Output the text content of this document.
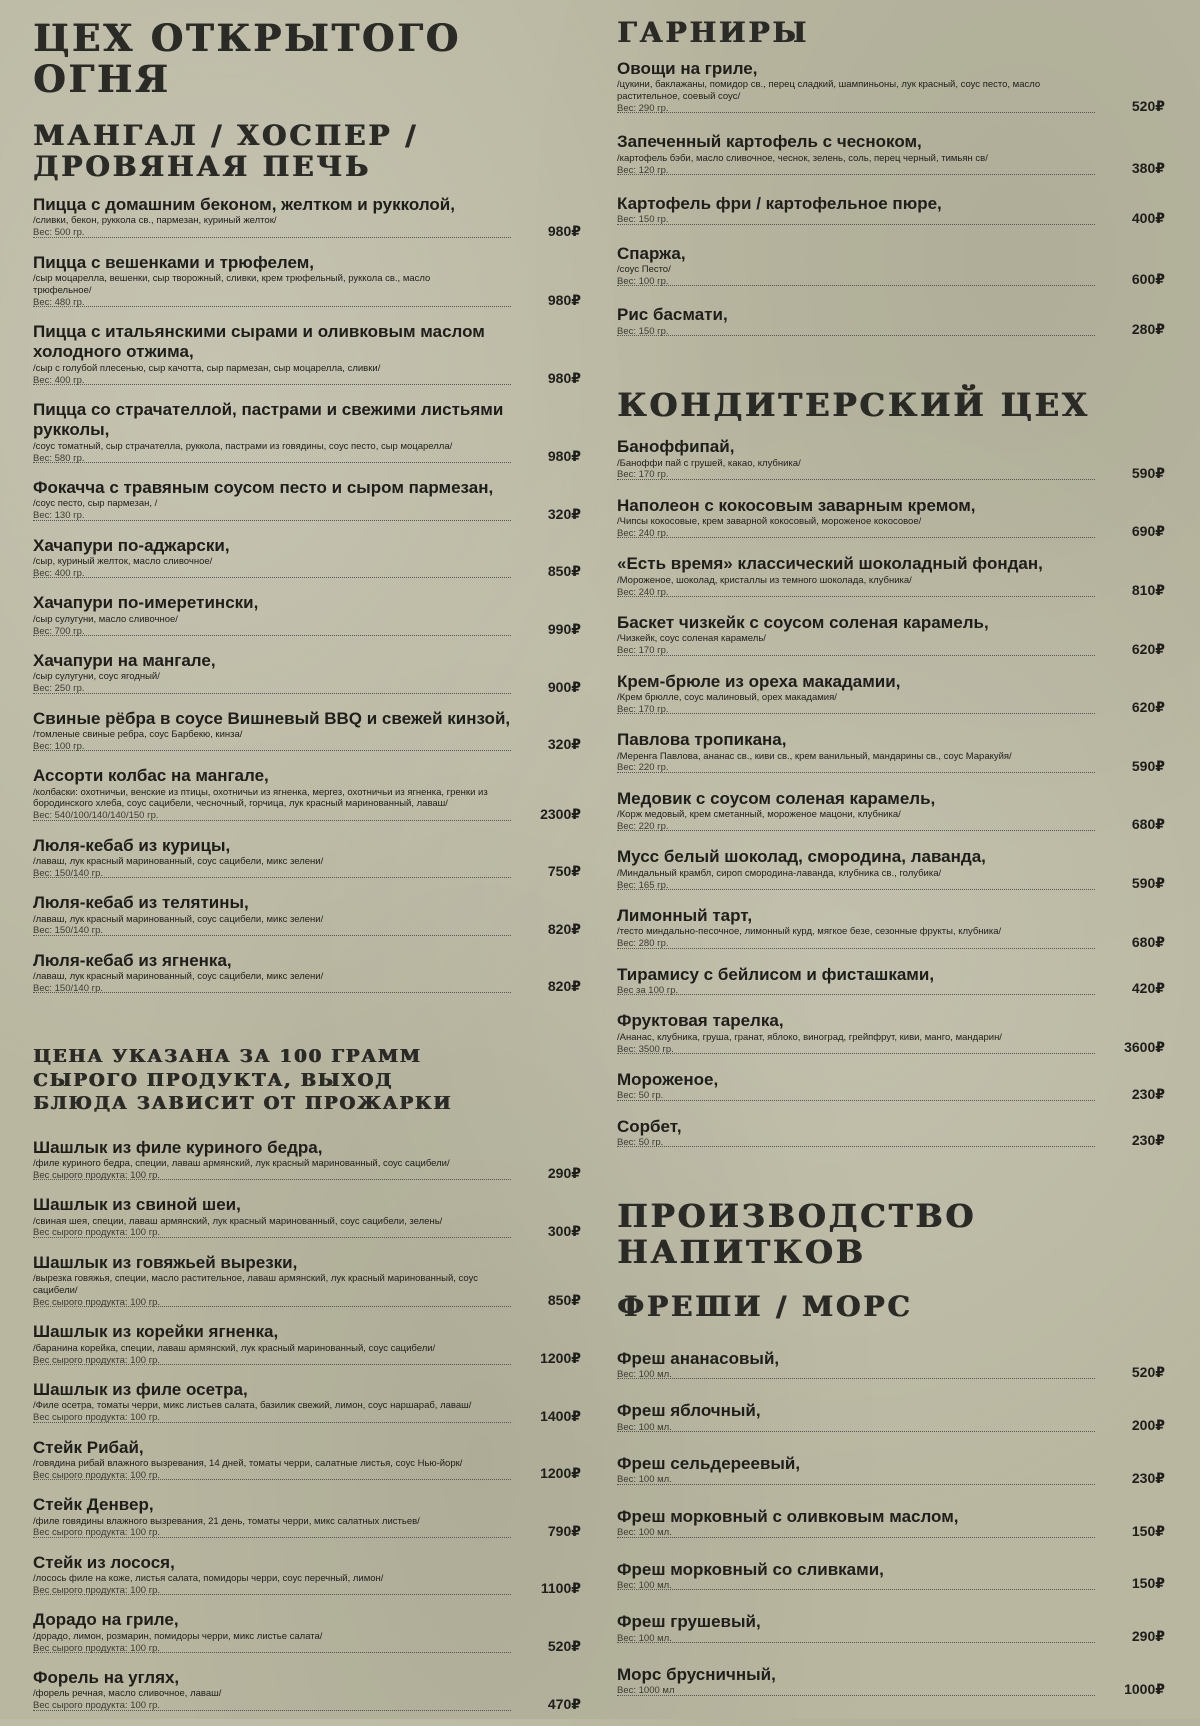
ЦЕХ ОТКРЫТОГО ОГНЯ
МАНГАЛ / ХОСПЕР /
ДРОВЯНАЯ ПЕЧЬ
Пицца с домашним беконом, желтком и рукколой,
/сливки, бекон, руккола св., пармезан, куриный желток/
Вес: 500 гр.	980₽
Пицца с вешенками и трюфелем,
/сыр моцарелла, вешенки, сыр творожный, сливки, крем трюфельный, руккола св., масло трюфельное/
Вес: 480 гр.	980₽
Пицца с итальянскими сырами и оливковым маслом холодного отжима,
/сыр с голубой плесенью, сыр качотта, сыр пармезан, сыр моцарелла, сливки/
Вес: 400 гр.	980₽
Пицца со страчателлой, пастрами и свежими листьями рукколы,
/соус томатный, сыр страчателла, руккола, пастрами из говядины, соус песто, сыр моцарелла/
Вес: 580 гр.	980₽
Фокачча с травяным соусом песто и сыром пармезан,
/соус песто, сыр пармезан, /
Вес: 130 гр.	320₽
Хачапури по-аджарски,
/сыр, куриный желток, масло сливочное/
Вес: 400 гр.	850₽
Хачапури по-имеретински,
/сыр сулугуни, масло сливочное/
Вес: 700 гр.	990₽
Хачапури на мангале,
/сыр сулугуни, соус ягодный/
Вес: 250 гр.	900₽
Свиные рёбра в соусе Вишневый BBQ и свежей кинзой,
/томленые свиные ребра, соус Барбекю, кинза/
Вес: 100 гр.	320₽
Ассорти колбас на мангале,
/колбаски: охотничьи, венские из птицы, охотничьи из ягненка, мергез, охотничьи из ягненка, гренки из бородинского хлеба, соус сацибели, чесночный, горчица, лук красный маринованный, лаваш/
Вес: 540/100/140/140/150 гр.	2300₽
Люля-кебаб из курицы,
/лаваш, лук красный маринованный, соус сацибели, микс зелени/
Вес: 150/140 гр.	750₽
Люля-кебаб из телятины,
/лаваш, лук красный маринованный, соус сацибели, микс зелени/
Вес: 150/140 гр.	820₽
Люля-кебаб из ягненка,
/лаваш, лук красный маринованный, соус сацибели, микс зелени/
Вес: 150/140 гр.	820₽
ЦЕНА УКАЗАНА ЗА 100 ГРАММ СЫРОГО ПРОДУКТА, ВЫХОД БЛЮДА ЗАВИСИТ ОТ ПРОЖАРКИ
Шашлык из филе куриного бедра,
/филе куриного бедра, специи, лаваш армянский, лук красный маринованный, соус сацибели/
Вес сырого продукта: 100 гр.	290₽
Шашлык из свиной шеи,
/свиная шея, специи, лаваш армянский, лук красный маринованный, соус сацибели, зелень/
Вес сырого продукта: 100 гр.	300₽
Шашлык из говяжьей вырезки,
/вырезка говяжья, специи, масло растительное, лаваш армянский, лук красный маринованный, соус сацибели/
Вес сырого продукта: 100 гр.	850₽
Шашлык из корейки ягненка,
/баранина корейка, специи, лаваш армянский, лук красный маринованный, соус сацибели/
Вес сырого продукта: 100 гр.	1200₽
Шашлык из филе осетра,
/Филе осетра, томаты черри, микс листьев салата, базилик свежий, лимон, соус наршараб, лаваш/
Вес сырого продукта: 100 гр.	1400₽
Стейк Рибай,
/говядина рибай влажного вызревания, 14 дней, томаты черри, салатные листья, соус Нью-йорк/
Вес сырого продукта: 100 гр.	1200₽
Стейк Денвер,
/филе говядины влажного вызревания, 21 день, томаты черри, микс салатных листьев/
Вес сырого продукта: 100 гр.	790₽
Стейк из лосося,
/лосось филе на коже, листья салата, помидоры черри, соус перечный, лимон/
Вес сырого продукта: 100 гр.	1100₽
Дорадо на гриле,
/дорадо, лимон, розмарин, помидоры черри, микс листье салата/
Вес сырого продукта: 100 гр.	520₽
Форель на углях,
/форель речная, масло сливочное, лаваш/
Вес сырого продукта: 100 гр.	470₽
ГАРНИРЫ
Овощи на гриле,
/цукини, баклажаны, помидор св., перец сладкий, шампиньоны, лук красный, соус песто, масло растительное, соевый соус/
Вес: 290 гр.	520₽
Запеченный картофель с чесноком,
/картофель бэби, масло сливочное, чеснок, зелень, соль, перец черный, тимьян св/
Вес: 120 гр.	380₽
Картофель фри / картофельное пюре,
Вес: 150 гр.	400₽
Спаржа,
/соус Песто/
Вес: 100 гр.	600₽
Рис басмати,
Вес: 150 гр.	280₽
КОНДИТЕРСКИЙ ЦЕХ
Баноффипай,
/Баноффи пай с грушей, какао, клубника/
Вес: 170 гр.	590₽
Наполеон с кокосовым заварным кремом,
/Чипсы кокосовые, крем заварной кокосовый, мороженое кокосовое/
Вес: 240 гр.	690₽
«Есть время» классический шоколадный фондан,
/Мороженое, шоколад, кристаллы из темного шоколада, клубника/
Вес: 240 гр.	810₽
Баскет чизкейк с соусом соленая карамель,
/Чизкейк, соус соленая карамель/
Вес: 170 гр.	620₽
Крем-брюле из ореха макадамии,
/Крем брюлле, соус малиновый, орех макадамия/
Вес: 170 гр.	620₽
Павлова тропикана,
/Меренга Павлова, ананас св., киви св., крем ванильный, мандарины св., соус Маракуйя/
Вес: 220 гр.	590₽
Медовик с соусом соленая карамель,
/Корж медовый, крем сметанный, мороженое мацони, клубника/
Вес: 220 гр.	680₽
Мусс белый шоколад, смородина, лаванда,
/Миндальный крамбл, сироп смородина-лаванда, клубника св., голубика/
Вес: 165 гр.	590₽
Лимонный тарт,
/тесто миндально-песочное, лимонный курд, мягкое безе, сезонные фрукты, клубника/
Вес: 280 гр.	680₽
Тирамису с бейлисом и фисташками,
Вес за 100 гр.	420₽
Фруктовая тарелка,
/Ананас, клубника, груша, гранат, яблоко, виноград, грейпфрут, киви, манго, мандарин/
Вес: 3500 гр.	3600₽
Мороженое,
Вес: 50 гр.	230₽
Сорбет,
Вес: 50 гр.	230₽
ПРОИЗВОДСТВО НАПИТКОВ
ФРЕШИ / МОРС
Фреш ананасовый,
Вес: 100 мл.	520₽
Фреш яблочный,
Вес: 100 мл.	200₽
Фреш сельдереевый,
Вес: 100 мл.	230₽
Фреш морковный с оливковым маслом,
Вес: 100 мл.	150₽
Фреш морковный со сливками,
Вес: 100 мл.	150₽
Фреш грушевый,
Вес: 100 мл.	290₽
Морс брусничный,
Вес: 1000 мл	1000₽
